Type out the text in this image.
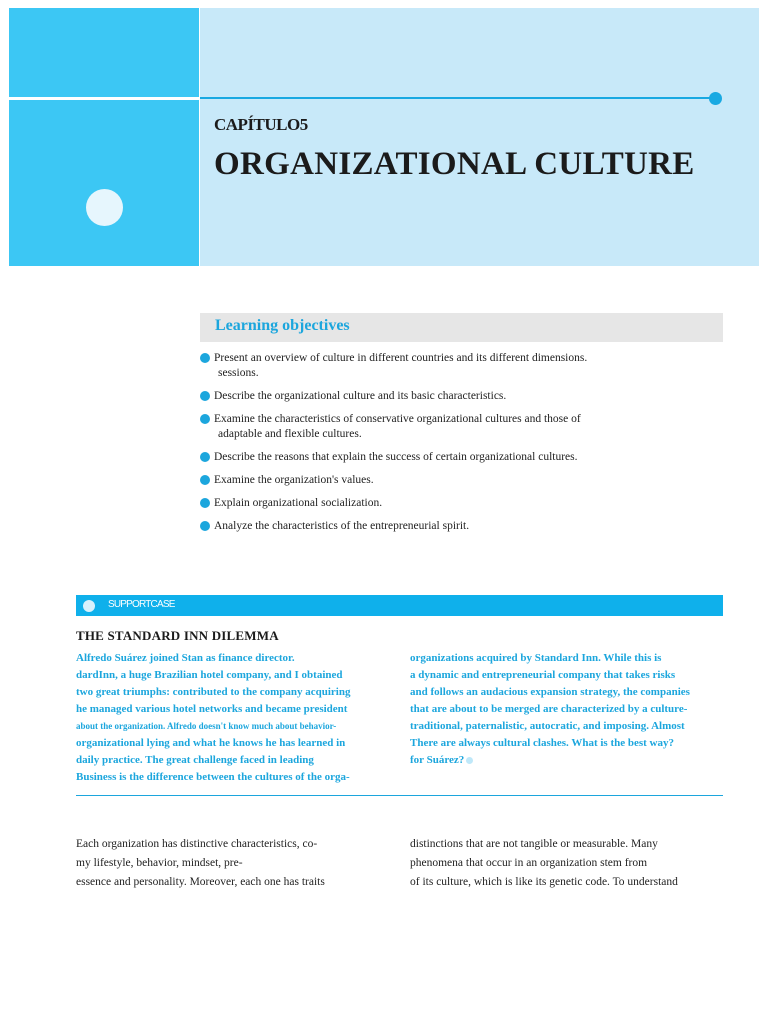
CAPÍTULO5
ORGANIZATIONAL CULTURE
Learning objectives
Present an overview of culture in different countries and its different dimensions.
sessions.
Describe the organizational culture and its basic characteristics.
Examine the characteristics of conservative organizational cultures and those of
adaptable and flexible cultures.
Describe the reasons that explain the success of certain organizational cultures.
Examine the organization's values.
Explain organizational socialization.
Analyze the characteristics of the entrepreneurial spirit.
SUPPORTCASE
THE STANDARD INN DILEMMA
Alfredo Suárez joined Stan as finance director.
dardInn, a huge Brazilian hotel company, and I obtained
two great triumphs: contributed to the company acquiring
he managed various hotel networks and became president
about the organization. Alfredo doesn't know much about behavior-
organizational lying and what he knows he has learned in
daily practice. The great challenge faced in leading
Business is the difference between the cultures of the orga-
organizations acquired by Standard Inn. While this is
a dynamic and entrepreneurial company that takes risks
and follows an audacious expansion strategy, the companies
that are about to be merged are characterized by a culture-
traditional, paternalistic, autocratic, and imposing. Almost
There are always cultural clashes. What is the best way?
for Suárez?
Each organization has distinctive characteristics, co-
my lifestyle, behavior, mindset, pre-
essence and personality. Moreover, each one has traits
distinctions that are not tangible or measurable. Many
phenomena that occur in an organization stem from
of its culture, which is like its genetic code. To understand
